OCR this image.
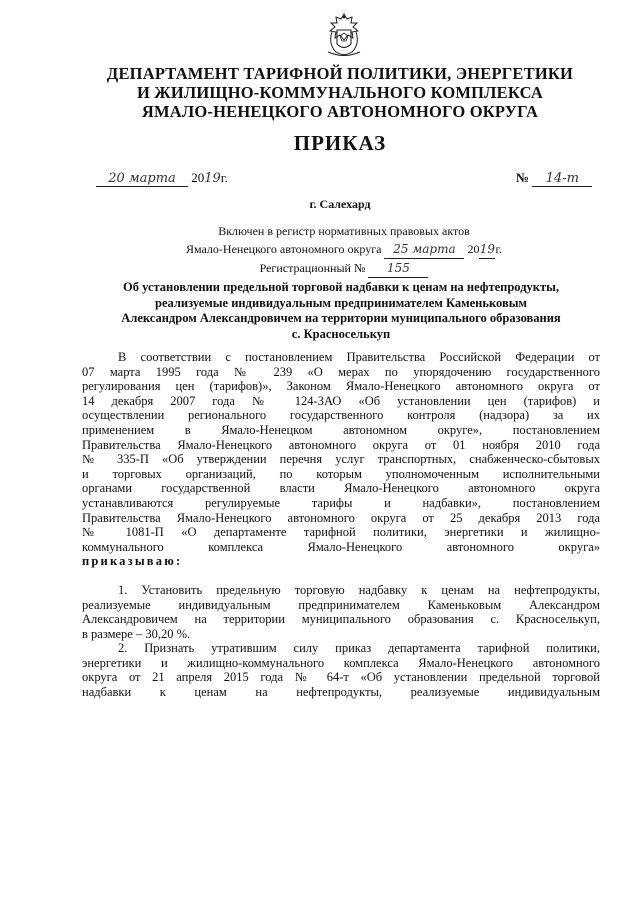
ДЕПАРТАМЕНТ ТАРИФНОЙ ПОЛИТИКИ, ЭНЕРГЕТИКИ
И ЖИЛИЩНО-КОММУНАЛЬНОГО КОМПЛЕКСА
ЯМАЛО-НЕНЕЦКОГО АВТОНОМНОГО ОКРУГА
ПРИКАЗ
20 марта 2019г.	№ 14-т
г. Салехард
Включен в регистр нормативных правовых актов
Ямало-Ненецкого автономного округа 25 марта 2019г.
Регистрационный № 155
Об установлении предельной торговой надбавки к ценам на нефтепродукты,
реализуемые индивидуальным предпринимателем Каменьковым
Александром Александровичем на территории муниципального образования
с. Красноселькуп
В соответствии с постановлением Правительства Российской Федерации от
07 марта 1995 года № 239 «О мерах по упорядочению государственного
регулирования цен (тарифов)», Законом Ямало-Ненецкого автономного округа от
14 декабря 2007 года № 124-ЗАО «Об установлении цен (тарифов) и
осуществлении регионального государственного контроля (надзора) за их
применением в Ямало-Ненецком автономном округе», постановлением
Правительства Ямало-Ненецкого автономного округа от 01 ноября 2010 года
№ 335-П «Об утверждении перечня услуг транспортных, снабженческо-сбытовых
и торговых организаций, по которым уполномоченным исполнительными
органами государственной власти Ямало-Ненецкого автономного округа
устанавливаются регулируемые тарифы и надбавки», постановлением
Правительства Ямало-Ненецкого автономного округа от 25 декабря 2013 года
№ 1081-П «О департаменте тарифной политики, энергетики и жилищно-
коммунального комплекса Ямало-Ненецкого автономного округа»
приказываю:
1. Установить предельную торговую надбавку к ценам на нефтепродукты,
реализуемые индивидуальным предпринимателем Каменьковым Александром
Александровичем на территории муниципального образования с. Красноселькуп,
в размере – 30,20 %.
2. Признать утратившим силу приказ департамента тарифной политики,
энергетики и жилищно-коммунального комплекса Ямало-Ненецкого автономного
округа от 21 апреля 2015 года № 64-т «Об установлении предельной торговой
надбавки к ценам на нефтепродукты, реализуемые индивидуальным
